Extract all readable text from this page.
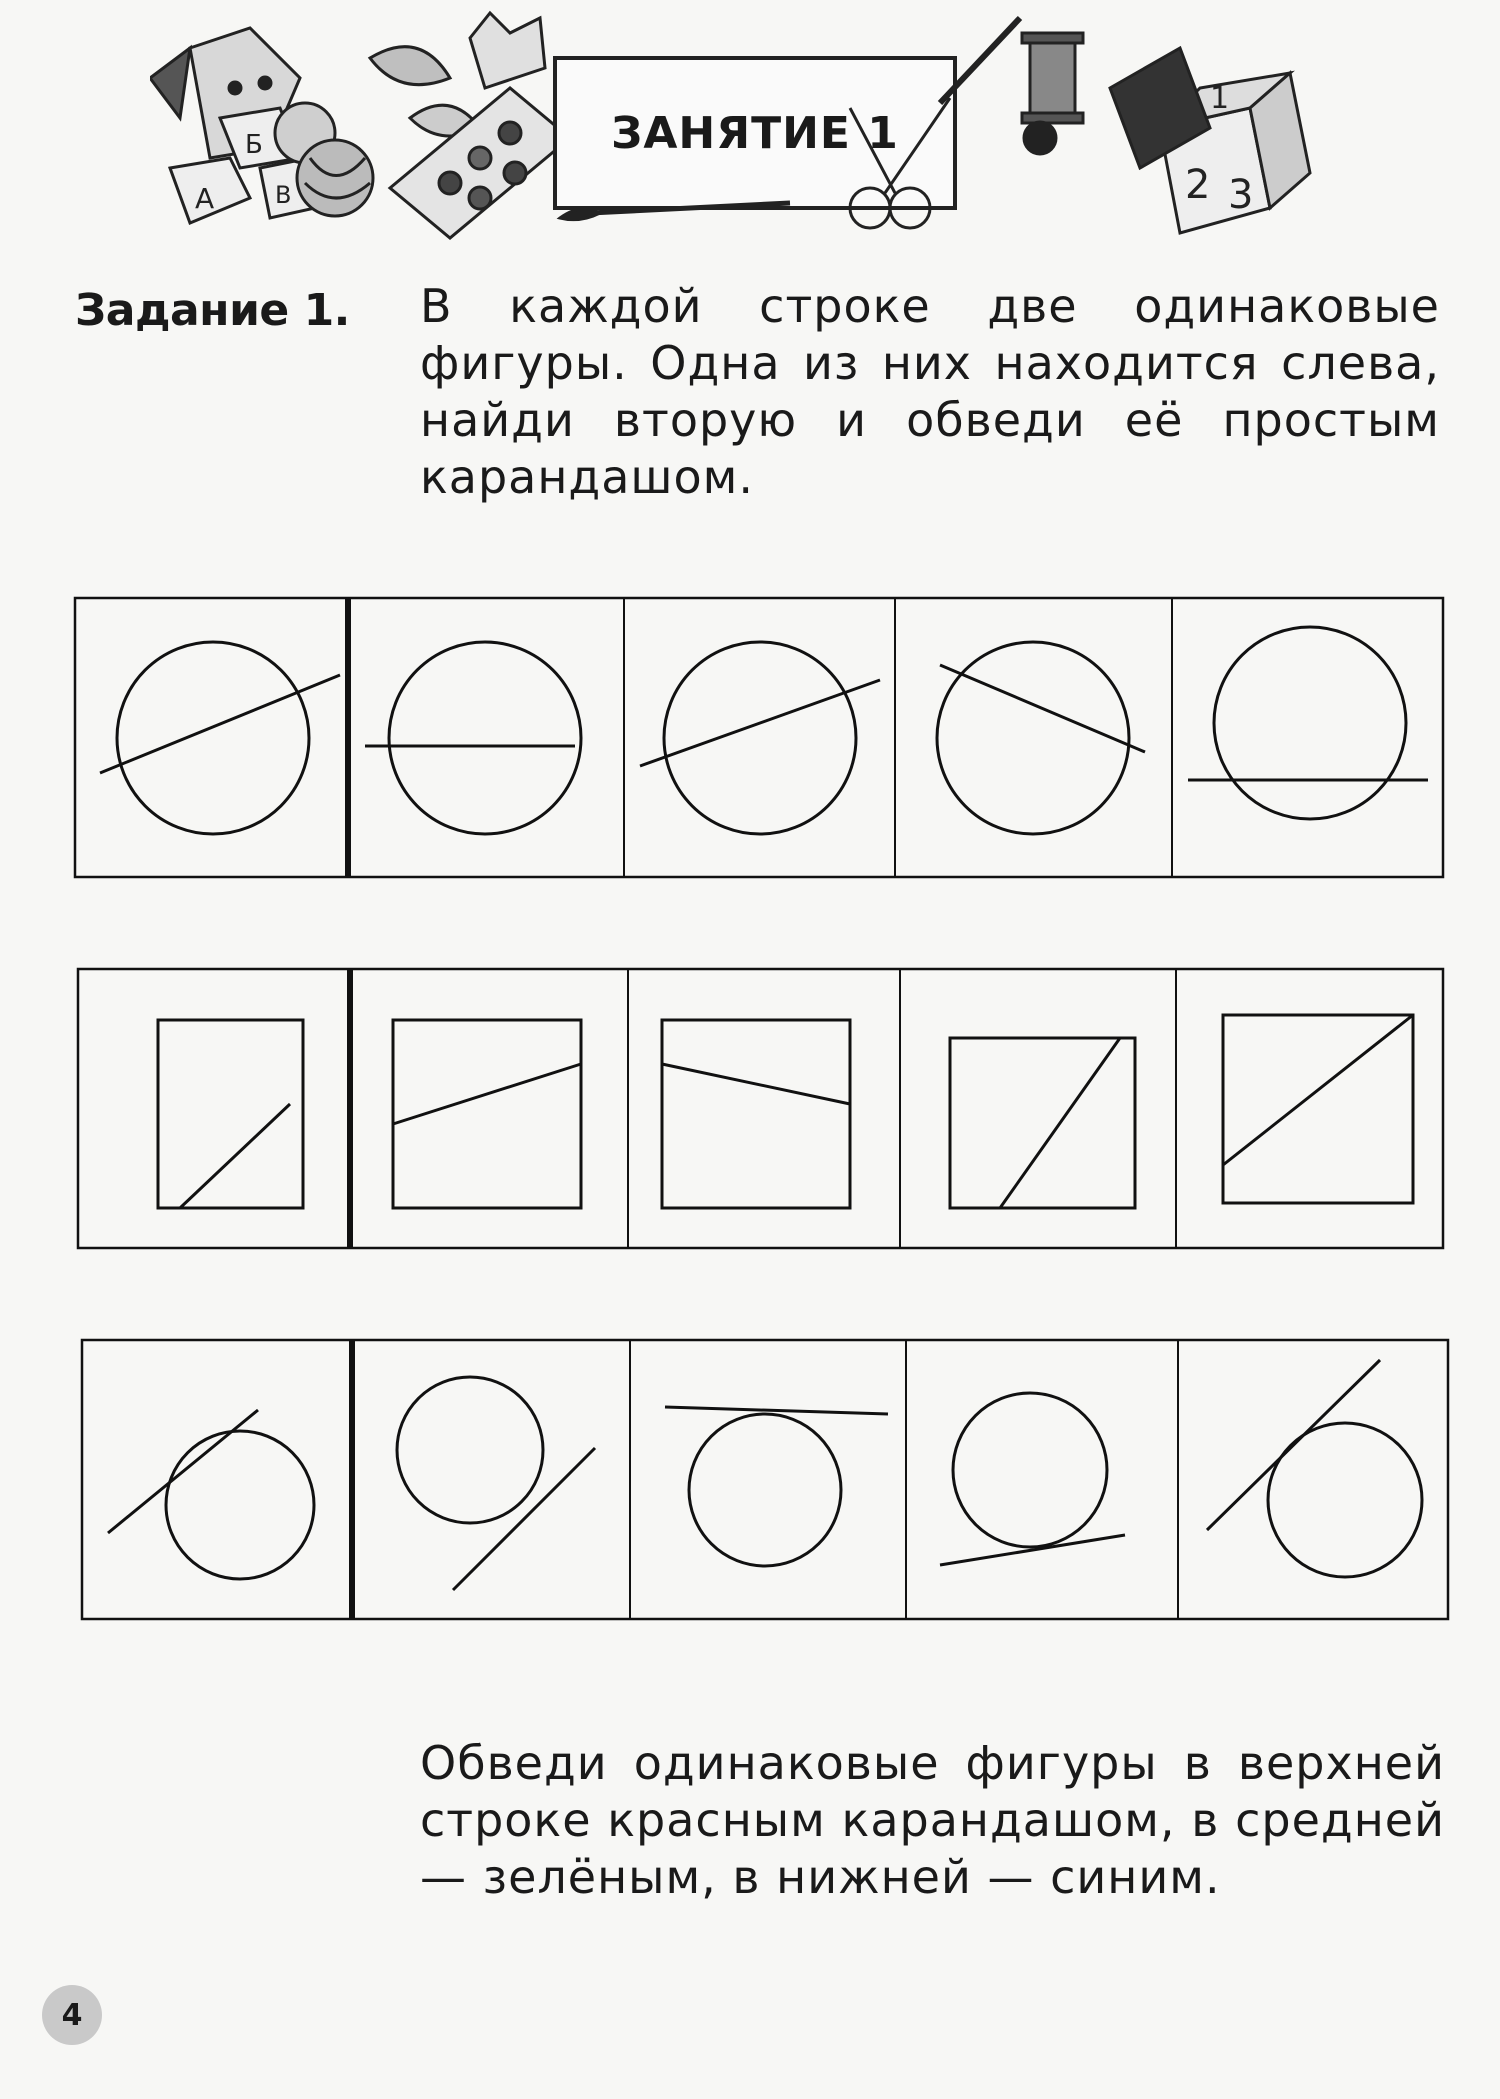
А
Б
В	2 3
1
ЗАНЯТИЕ 1
Задание 1. В каждой строке две одинаковые фигуры. Одна из них находится слева, найди вторую и обведи её простым карандашом.
Обведи одинаковые фигуры в верхней строке красным карандашом, в средней — зелёным, в нижней — синим.
4
